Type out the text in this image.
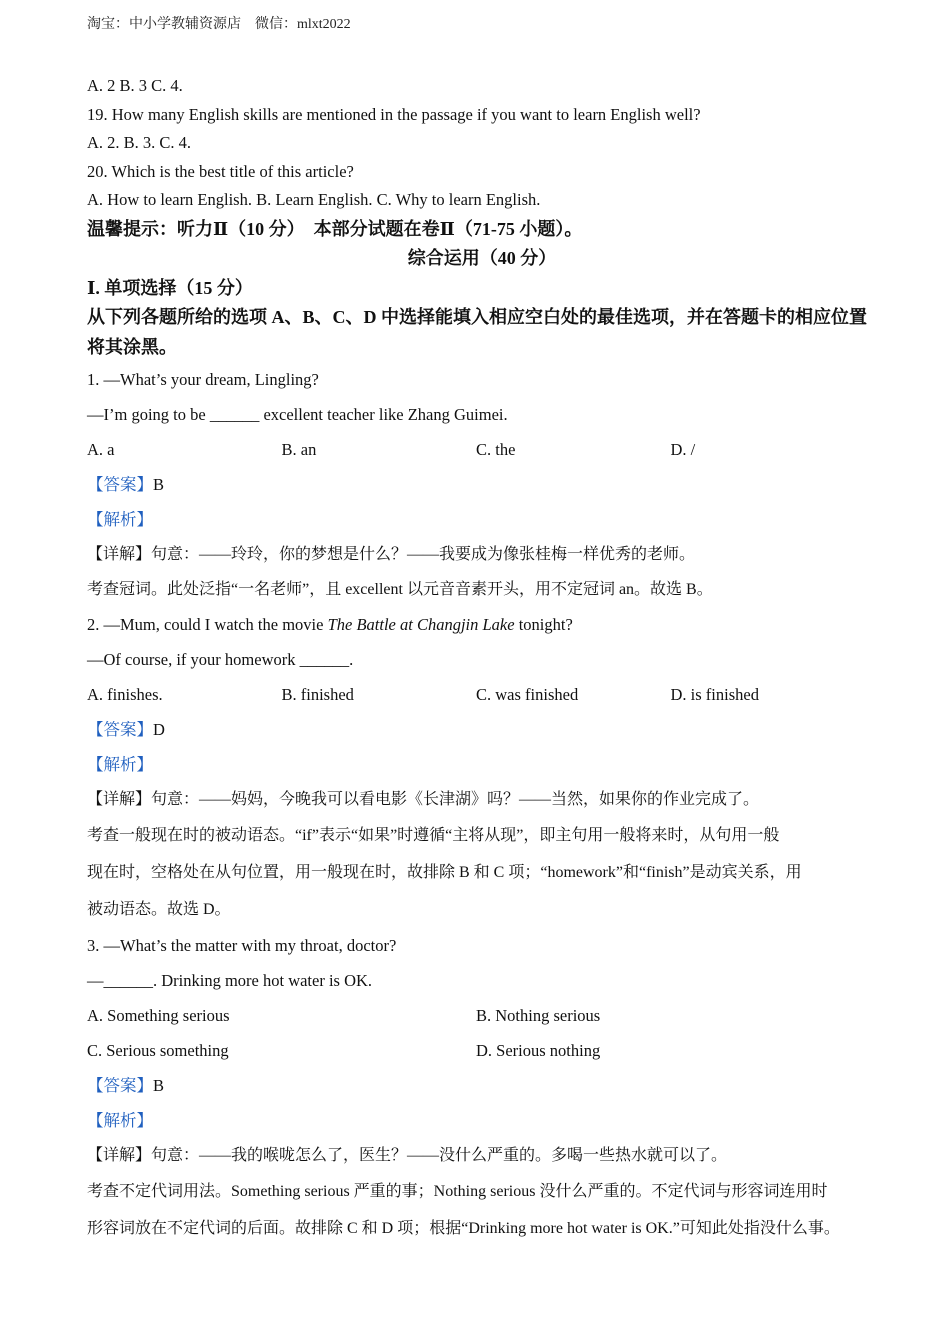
淘宝：中小学教辅资源店　微信：mlxt2022
A. 2 B. 3 C. 4.
19. How many English skills are mentioned in the passage if you want to learn English well?
A. 2. B. 3. C. 4.
20. Which is the best title of this article?
A. How to learn English. B. Learn English. C. Why to learn English.
温馨提示：听力Ⅱ（10 分）　本部分试题在卷Ⅱ（71-75 小题）。
综合运用（40 分）
Ⅰ. 单项选择（15 分）
从下列各题所给的选项 A、B、C、D 中选择能填入相应空白处的最佳选项，并在答题卡的相应位置将其涂黑。
1. —What’s your dream, Lingling?
—I’m going to be ______ excellent teacher like Zhang Guimei.
A. a	B. an	C. the	D. /
【答案】B
【解析】
【详解】句意：——玲玲，你的梦想是什么？——我要成为像张桂梅一样优秀的老师。
考查冠词。此处泛指“一名老师”，且 excellent 以元音音素开头，用不定冠词 an。故选 B。
2. —Mum, could I watch the movie The Battle at Changjin Lake tonight?
—Of course, if your homework ______.
A. finishes.	B. finished	C. was finished	D. is finished
【答案】D
【解析】
【详解】句意：——妈妈，今晚我可以看电影《长津湖》吗？——当然，如果你的作业完成了。
考查一般现在时的被动语态。“if”表示“如果”时遵循“主将从现”，即主句用一般将来时，从句用一般
现在时，空格处在从句位置，用一般现在时，故排除 B 和 C 项；“homework”和“finish”是动宾关系，用
被动语态。故选 D。
3. —What’s the matter with my throat, doctor?
—______. Drinking more hot water is OK.
A. Something serious	B. Nothing serious
C. Serious something	D. Serious nothing
【答案】B
【解析】
【详解】句意：——我的喉咙怎么了，医生？——没什么严重的。多喝一些热水就可以了。
考查不定代词用法。Something serious 严重的事；Nothing serious 没什么严重的。不定代词与形容词连用时
形容词放在不定代词的后面。故排除 C 和 D 项；根据“Drinking more hot water is OK.”可知此处指没什么事。
